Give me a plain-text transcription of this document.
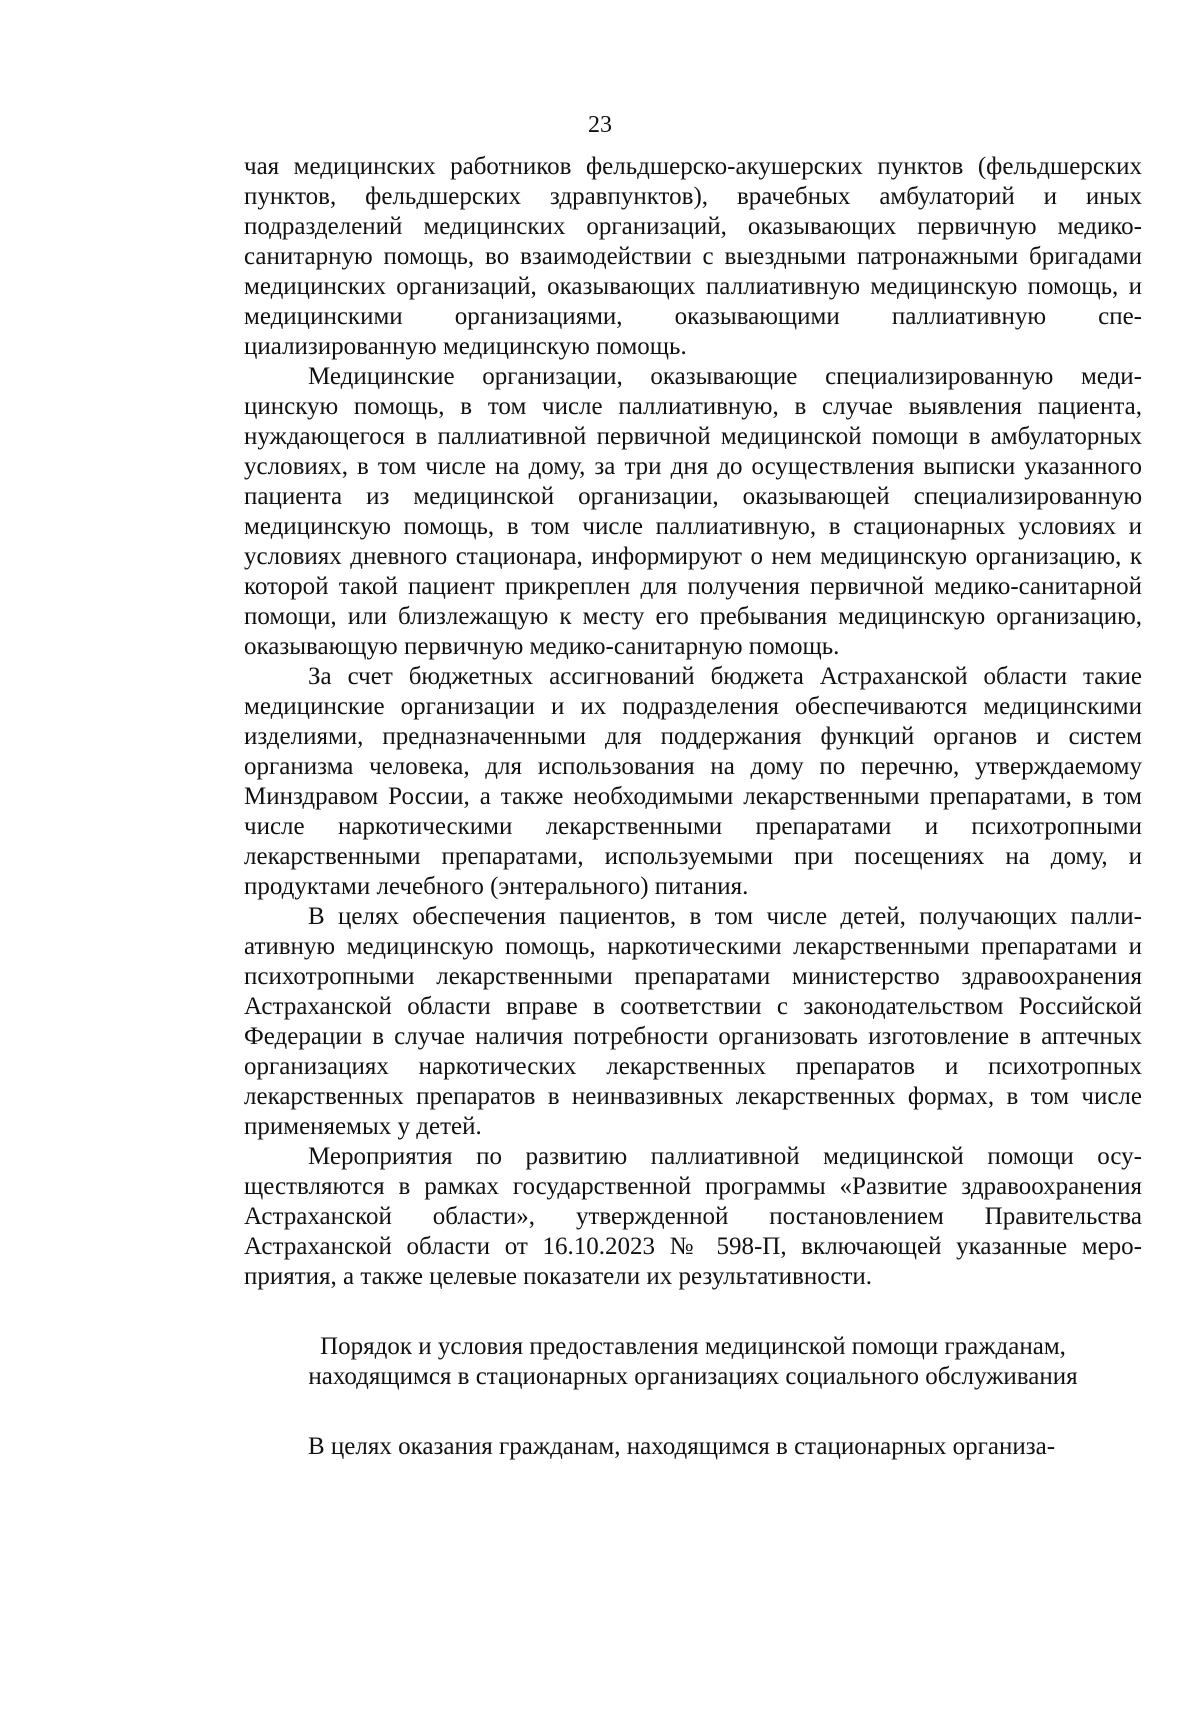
23

чая медицинских работников фельдшерско-акушерских пунктов (фельдшерских пунктов, фельдшерских здравпунктов), врачебных амбулаторий и иных подразделений медицинских организаций, оказывающих первичную медико-санитарную помощь, во взаимодействии с выездными патронажными бригадами медицинских организаций, оказывающих паллиативную медицинскую помощь, и медицинскими организациями, оказывающими паллиативную специализированную медицинскую помощь.

Медицинские организации, оказывающие специализированную медицинскую помощь, в том числе паллиативную, в случае выявления пациента, нуждающегося в паллиативной первичной медицинской помощи в амбулаторных условиях, в том числе на дому, за три дня до осуществления выписки указанного пациента из медицинской организации, оказывающей специализированную медицинскую помощь, в том числе паллиативную, в стационарных условиях и условиях дневного стационара, информируют о нем медицинскую организацию, к которой такой пациент прикреплен для получения первичной медико-санитарной помощи, или близлежащую к месту его пребывания медицинскую организацию, оказывающую первичную медико-санитарную помощь.

За счет бюджетных ассигнований бюджета Астраханской области такие медицинские организации и их подразделения обеспечиваются медицинскими изделиями, предназначенными для поддержания функций органов и систем организма человека, для использования на дому по перечню, утверждаемому Минздравом России, а также необходимыми лекарственными препаратами, в том числе наркотическими лекарственными препаратами и психотропными лекарственными препаратами, используемыми при посещениях на дому, и продуктами лечебного (энтерального) питания.

В целях обеспечения пациентов, в том числе детей, получающих паллиативную медицинскую помощь, наркотическими лекарственными препаратами и психотропными лекарственными препаратами министерство здравоохранения Астраханской области вправе в соответствии с законодательством Российской Федерации в случае наличия потребности организовать изготовление в аптечных организациях наркотических лекарственных препаратов и психотропных лекарственных препаратов в неинвазивных лекарственных формах, в том числе применяемых у детей.

Мероприятия по развитию паллиативной медицинской помощи осуществляются в рамках государственной программы «Развитие здравоохранения Астраханской области», утвержденной постановлением Правительства Астраханской области от 16.10.2023 № 598-П, включающей указанные мероприятия, а также целевые показатели их результативности.

Порядок и условия предоставления медицинской помощи гражданам,
находящимся в стационарных организациях социального обслуживания

В целях оказания гражданам, находящимся в стационарных организа-
